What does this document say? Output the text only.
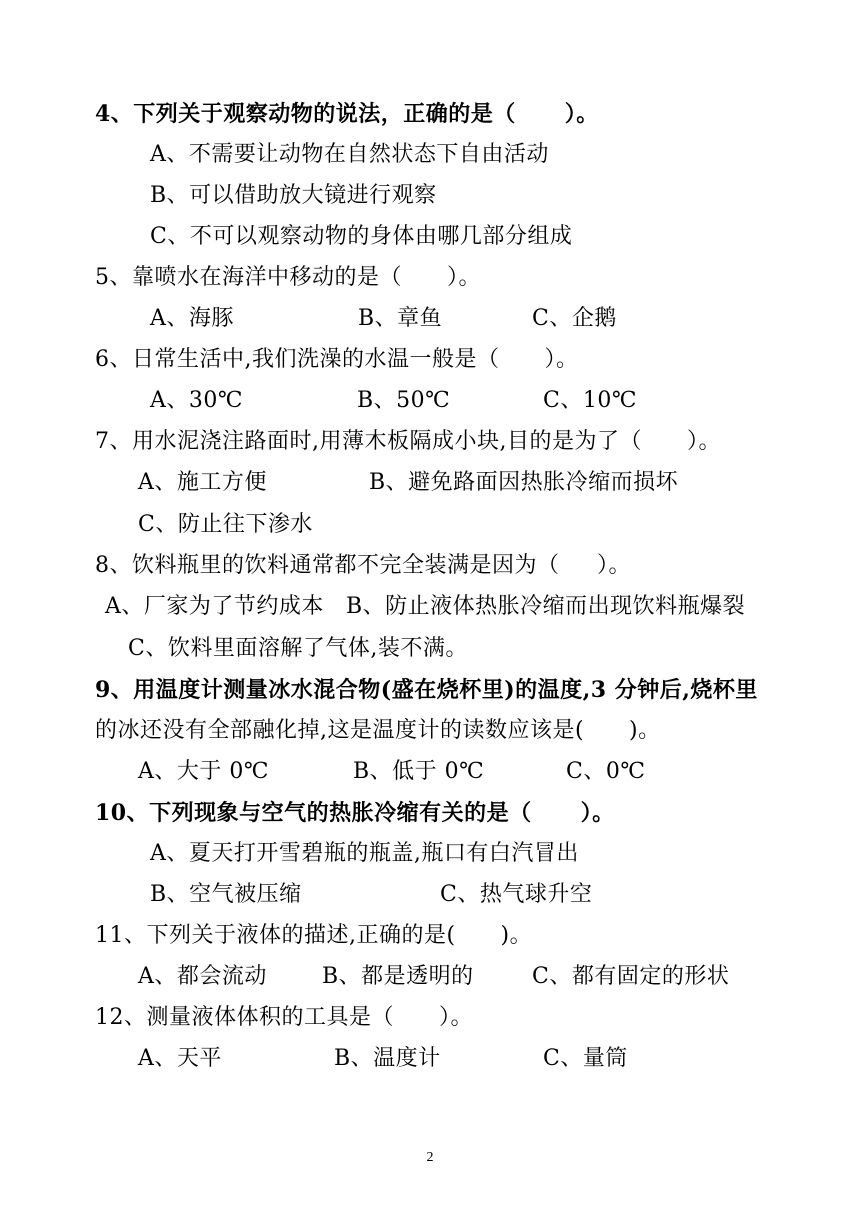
4、下列关于观察动物的说法，正确的是（      ）。
A、不需要让动物在自然状态下自由活动
B、可以借助放大镜进行观察
C、不可以观察动物的身体由哪几部分组成
5、靠喷水在海洋中移动的是（      ）。
A、海豚	B、章鱼	C、企鹅
6、日常生活中,我们洗澡的水温一般是（      ）。
A、30℃	B、50℃	C、10℃
7、用水泥浇注路面时,用薄木板隔成小块,目的是为了（      ）。
A、施工方便	B、避免路面因热胀冷缩而损坏
C、防止往下渗水
8、饮料瓶里的饮料通常都不完全装满是因为（     ）。
A、厂家为了节约成本 B、防止液体热胀冷缩而出现饮料瓶爆裂
C、饮料里面溶解了气体,装不满。
9、用温度计测量冰水混合物(盛在烧杯里)的温度,3 分钟后,烧杯里
的冰还没有全部融化掉,这是温度计的读数应该是(      )。
A、大于 0℃	B、低于 0℃	C、0℃
10、下列现象与空气的热胀冷缩有关的是（      ）。
A、夏天打开雪碧瓶的瓶盖,瓶口有白汽冒出
B、空气被压缩	C、热气球升空
11、下列关于液体的描述,正确的是(      )。
A、都会流动	B、都是透明的	C、都有固定的形状
12、测量液体体积的工具是（      ）。
A、天平	B、温度计	C、量筒
2
